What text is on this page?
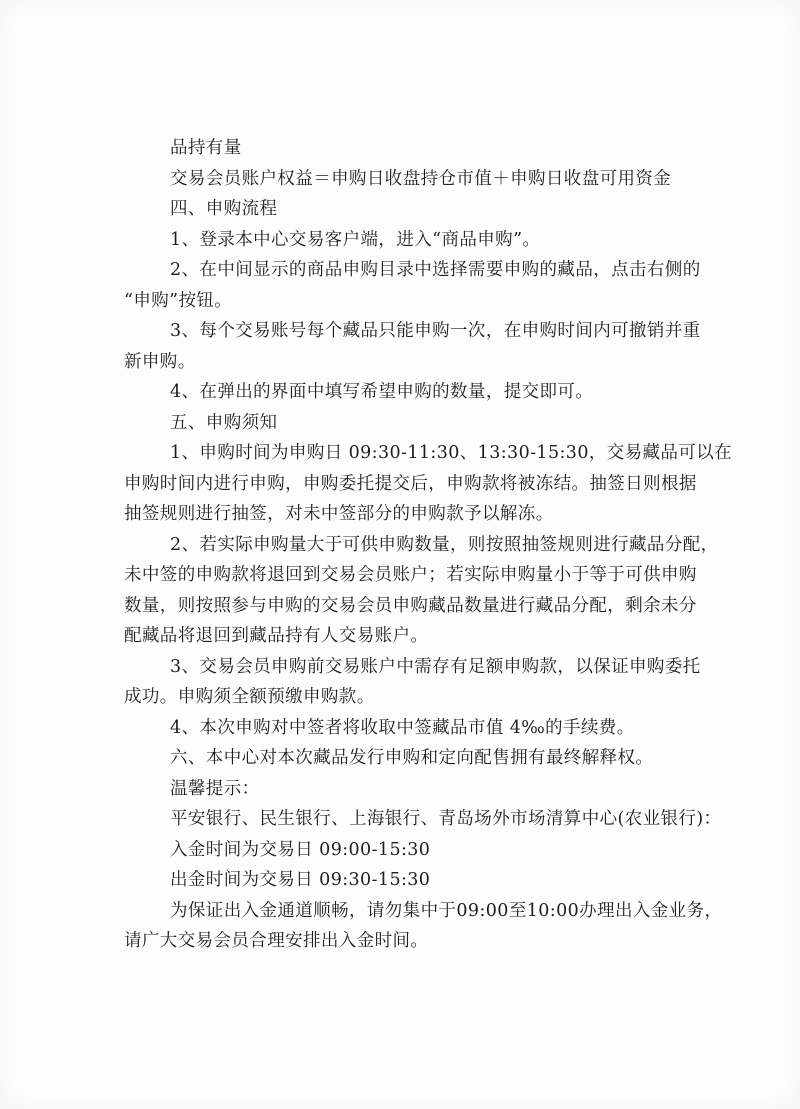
品持有量
交易会员账户权益＝申购日收盘持仓市值＋申购日收盘可用资金
四、申购流程
1、登录本中心交易客户端，进入“商品申购”。
2、在中间显示的商品申购目录中选择需要申购的藏品，点击右侧的
“申购”按钮。
3、每个交易账号每个藏品只能申购一次，在申购时间内可撤销并重
新申购。
4、在弹出的界面中填写希望申购的数量，提交即可。
五、申购须知
1、申购时间为申购日 09:30-11:30、13:30-15:30，交易藏品可以在
申购时间内进行申购，申购委托提交后，申购款将被冻结。抽签日则根据
抽签规则进行抽签，对未中签部分的申购款予以解冻。
2、若实际申购量大于可供申购数量，则按照抽签规则进行藏品分配，
未中签的申购款将退回到交易会员账户；若实际申购量小于等于可供申购
数量，则按照参与申购的交易会员申购藏品数量进行藏品分配，剩余未分
配藏品将退回到藏品持有人交易账户。
3、交易会员申购前交易账户中需存有足额申购款，以保证申购委托
成功。申购须全额预缴申购款。
4、本次申购对中签者将收取中签藏品市值 4‰的手续费。
六、本中心对本次藏品发行申购和定向配售拥有最终解释权。
温馨提示：
平安银行、民生银行、上海银行、青岛场外市场清算中心(农业银行)：
入金时间为交易日 09:00-15:30
出金时间为交易日 09:30-15:30
为保证出入金通道顺畅，请勿集中于09:00至10:00办理出入金业务，
请广大交易会员合理安排出入金时间。
